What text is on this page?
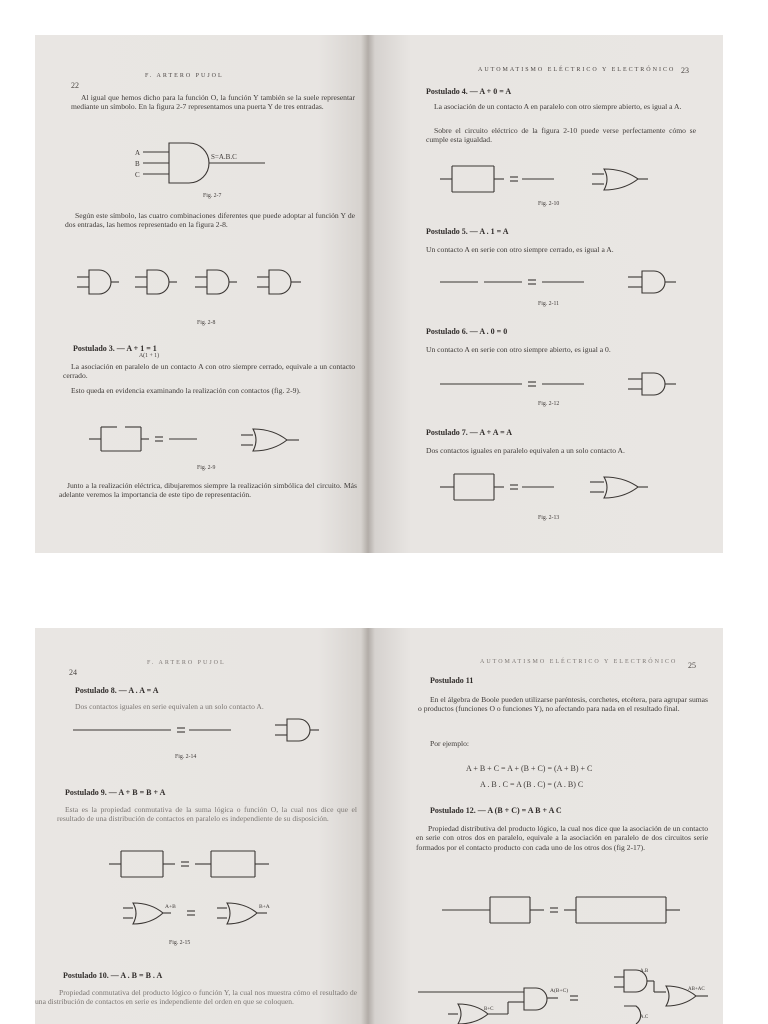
22
F. ARTERO PUJOL
Al igual que hemos dicho para la función O, la función Y también se la suele representar mediante un símbolo. En la figura 2-7 representamos una puerta Y de tres entradas.
A
B
C
S=A.B.C
Fig. 2-7
Según este símbolo, las cuatro combinaciones diferentes que puede adoptar al función Y de dos entradas, las hemos representado en la figura 2-8.
Fig. 2-8
Postulado 3. — A + 1 = 1
A(1 + 1)
La asociación en paralelo de un contacto A con otro siempre cerrado, equivale a un contacto cerrado.
Esto queda en evidencia examinando la realización con contactos (fig. 2-9).
Fig. 2-9
Junto a la realización eléctrica, dibujaremos siempre la realización simbólica del circuito. Más adelante veremos la importancia de este tipo de representación.
AUTOMATISMO ELÉCTRICO Y ELECTRÓNICO 23
Postulado 4. — A + 0 = A
La asociación de un contacto A en paralelo con otro siempre abierto, es igual a A.
Sobre el circuito eléctrico de la figura 2-10 puede verse perfectamente cómo se cumple esta igualdad.
Fig. 2-10
Postulado 5. — A . 1 = A
Un contacto A en serie con otro siempre cerrado, es igual a A.
Fig. 2-11
Postulado 6. — A . 0 = 0
Un contacto A en serie con otro siempre abierto, es igual a 0.
Fig. 2-12
Postulado 7. — A + A = A
Dos contactos iguales en paralelo equivalen a un solo contacto A.
Fig. 2-13
24
F. ARTERO PUJOL
Postulado 8. — A . A = A
Dos contactos iguales en serie equivalen a un solo contacto A.
Fig. 2-14
Postulado 9. — A + B = B + A
Esta es la propiedad conmutativa de la suma lógica o función O, la cual nos dice que el resultado de una distribución de contactos en paralelo es independiente de su disposición.
A+B	B+A
Fig. 2-15
Postulado 10. — A . B = B . A
Propiedad conmutativa del producto lógico o función Y, la cual nos muestra cómo el resultado de una distribución de contactos en serie es independiente del orden en que se coloquen.
AUTOMATISMO ELÉCTRICO Y ELECTRÓNICO 25
Postulado 11
En el álgebra de Boole pueden utilizarse paréntesis, corchetes, etcétera, para agrupar sumas o productos (funciones O o funciones Y), no afectando para nada en el resultado final.
Por ejemplo:
A + B + C = A + (B + C) = (A + B) + C
A . B . C = A (B . C) = (A . B) C
Postulado 12. — A (B + C) = A B + A C
Propiedad distributiva del producto lógico, la cual nos dice que la asociación de un contacto en serie con otros dos en paralelo, equivale a la asociación en paralelo de dos circuitos serie formados por el contacto producto con cada uno de los otros dos (fig 2-17).
A(B+C)
B+C
A.B
A.C
AB+AC
